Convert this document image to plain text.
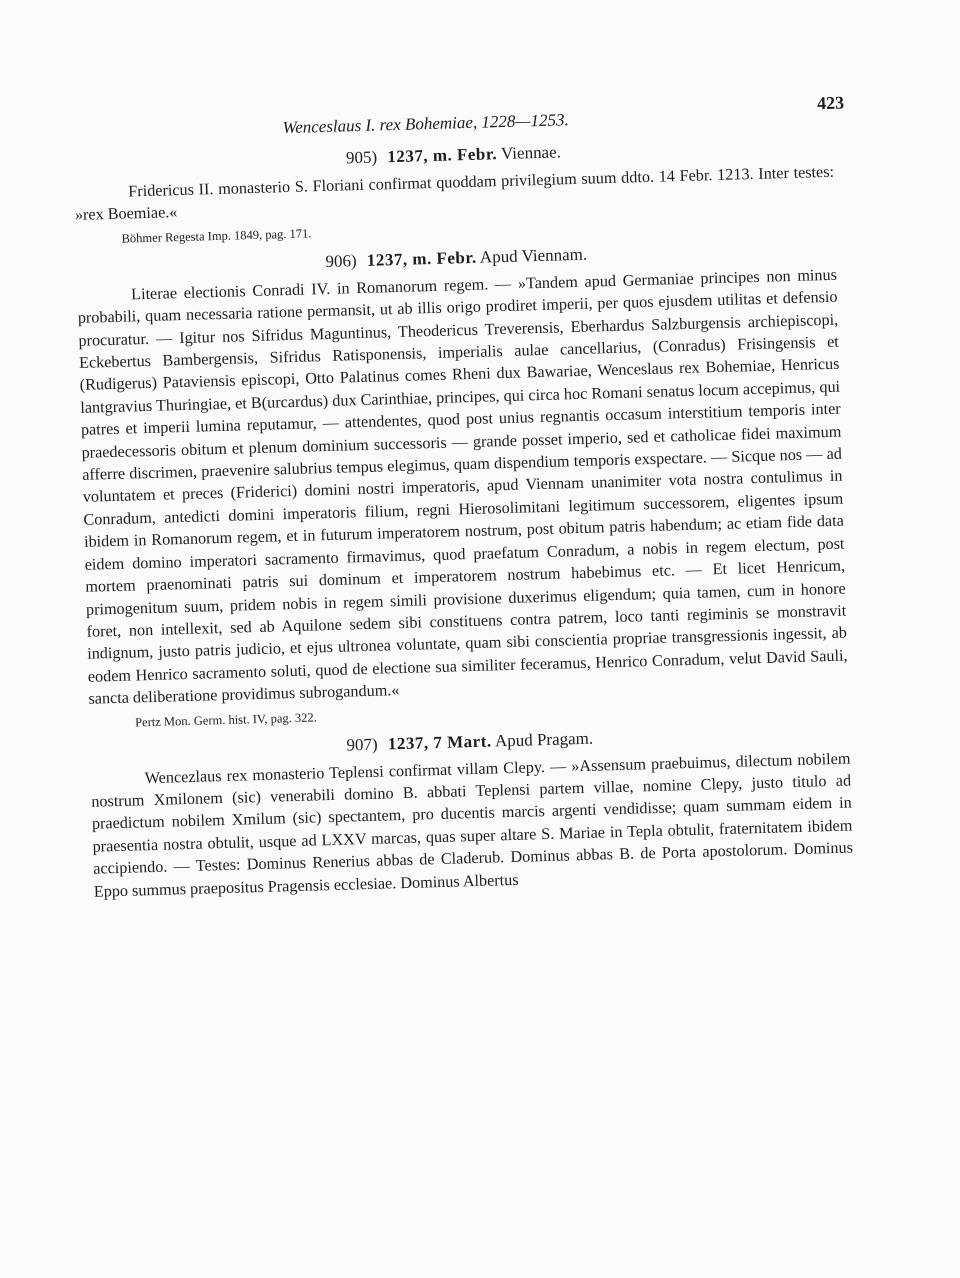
Wenceslaus I. rex Bohemiae, 1228—1253.
423
905) 1237, m. Febr. Viennae.

Fridericus II. monasterio S. Floriani confirmat quoddam privilegium suum ddto. 14 Febr. 1213. Inter testes: »rex Boemiae.«

Böhmer Regesta Imp. 1849, pag. 171.

906) 1237, m. Febr. Apud Viennam.

Literae electionis Conradi IV. in Romanorum regem. — »Tandem apud Germaniae principes non minus probabili, quam necessaria ratione permansit, ut ab illis origo prodiret imperii, per quos ejusdem utilitas et defensio procuratur. — Igitur nos Sifridus Maguntinus, Theodericus Treverensis, Eberhardus Salzburgensis archiepiscopi, Eckebertus Bambergensis, Sifridus Ratisponensis, imperialis aulae cancellarius, (Conradus) Frisingensis et (Rudigerus) Pataviensis episcopi, Otto Palatinus comes Rheni dux Bawariae, Wenceslaus rex Bohemiae, Henricus lantgravius Thuringiae, et B(urcardus) dux Carinthiae, principes, qui circa hoc Romani senatus locum accepimus, qui patres et imperii lumina reputamur, — attendentes, quod post unius regnantis occasum interstitium temporis inter praedecessoris obitum et plenum dominium successoris — grande posset imperio, sed et catholicae fidei maximum afferre discrimen, praevenire salubrius tempus elegimus, quam dispendium temporis exspectare. — Sicque nos — ad voluntatem et preces (Friderici) domini nostri imperatoris, apud Viennam unanimiter vota nostra contulimus in Conradum, antedicti domini imperatoris filium, regni Hierosolimitani legitimum successorem, eligentes ipsum ibidem in Romanorum regem, et in futurum imperatorem nostrum, post obitum patris habendum; ac etiam fide data eidem domino imperatori sacramento firmavimus, quod praefatum Conradum, a nobis in regem electum, post mortem praenominati patris sui dominum et imperatorem nostrum habebimus etc. — Et licet Henricum, primogenitum suum, pridem nobis in regem simili provisione duxerimus eligendum; quia tamen, cum in honore foret, non intellexit, sed ab Aquilone sedem sibi constituens contra patrem, loco tanti regiminis se monstravit indignum, justo patris judicio, et ejus ultronea voluntate, quam sibi conscientia propriae transgressionis ingessit, ab eodem Henrico sacramento soluti, quod de electione sua similiter feceramus, Henrico Conradum, velut David Sauli, sancta deliberatione providimus subrogandum.«

Pertz Mon. Germ. hist. IV, pag. 322.

907) 1237, 7 Mart. Apud Pragam.

Wencezlaus rex monasterio Teplensi confirmat villam Clepy. — »Assensum praebuimus, dilectum nobilem nostrum Xmilonem (sic) venerabili domino B. abbati Teplensi partem villae, nomine Clepy, justo titulo ad praedictum nobilem Xmilum (sic) spectantem, pro ducentis marcis argenti vendidisse; quam summam eidem in praesentia nostra obtulit, usque ad LXXV marcas, quas super altare S. Mariae in Tepla obtulit, fraternitatem ibidem accipiendo. — Testes: Dominus Renerius abbas de Claderub. Dominus abbas B. de Porta apostolorum. Dominus Eppo summus praepositus Pragensis ecclesiae. Dominus Albertus
